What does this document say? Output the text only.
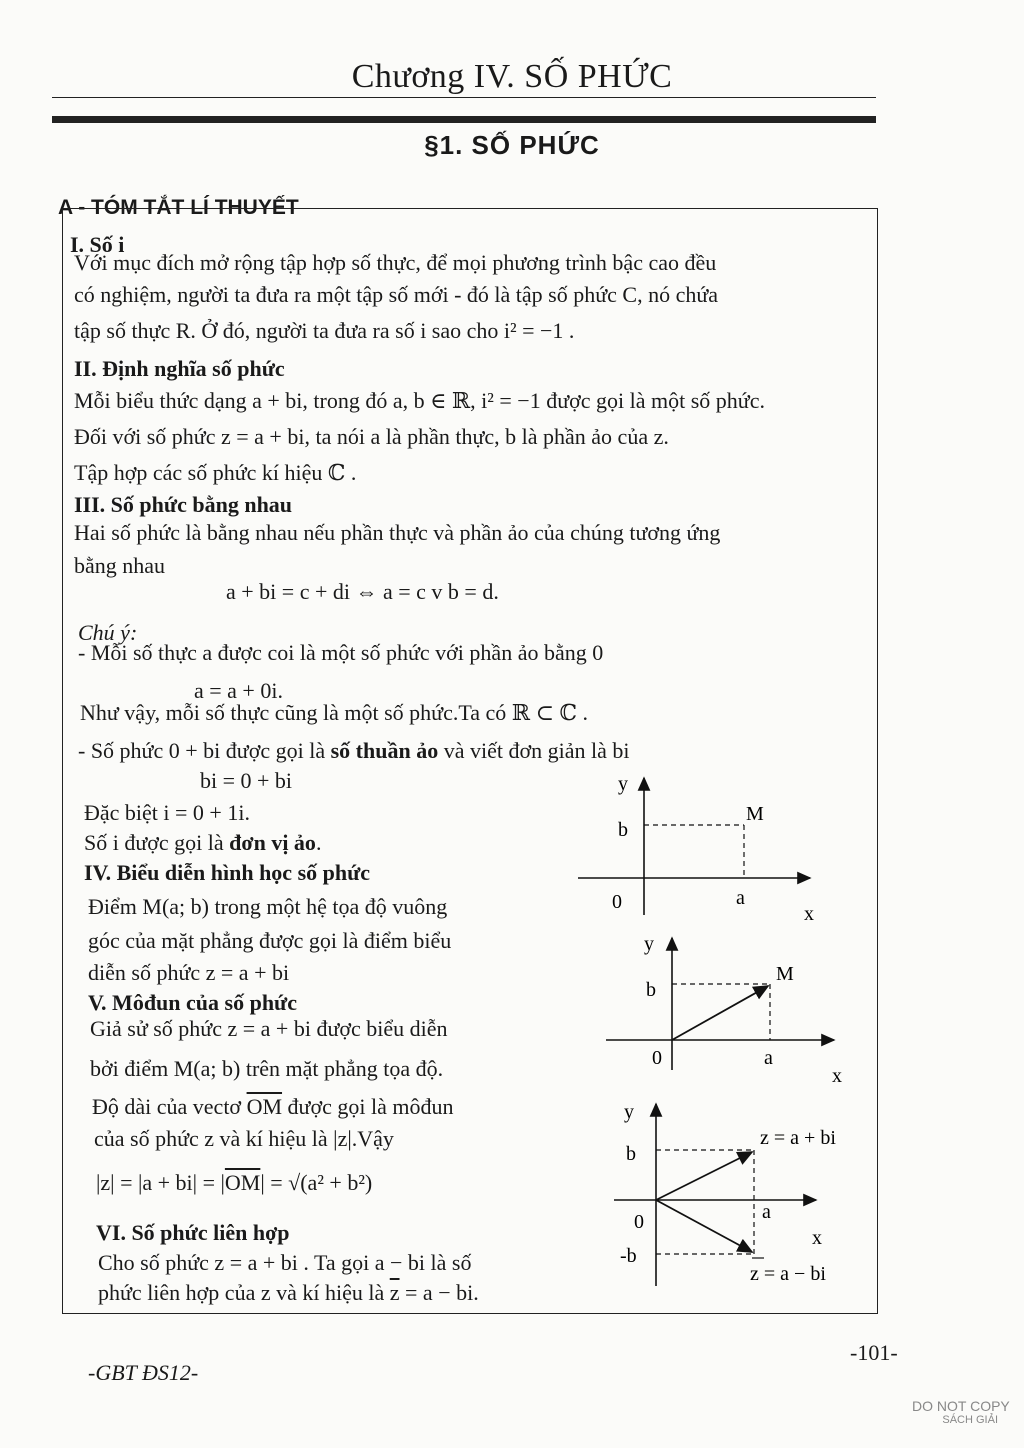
Chương IV. SỐ PHỨC
§1. SỐ PHỨC
A - TÓM TẮT LÍ THUYẾT
I. Số i
Với mục đích mở rộng tập hợp số thực, để mọi phương trình bậc cao đều
có nghiệm, người ta đưa ra một tập số mới - đó là tập số phức C, nó chứa
tập số thực R. Ở đó, người ta đưa ra số i sao cho i² = −1 .
II. Định nghĩa số phức
Mỗi biểu thức dạng a + bi, trong đó a, b ∈ ℝ, i² = −1 được gọi là một số phức.
Đối với số phức z = a + bi, ta nói a là phần thực, b là phần ảo của z.
Tập hợp các số phức kí hiệu ℂ .
III. Số phức bằng nhau
Hai số phức là bằng nhau nếu phần thực và phần ảo của chúng tương ứng
bằng nhau
a + bi = c + di ⇔ a = c v b = d.
Chú ý:
- Mỗi số thực a được coi là một số phức với phần ảo bằng 0
a = a + 0i.
Như vậy, mỗi số thực cũng là một số phức.Ta có ℝ ⊂ ℂ .
- Số phức 0 + bi được gọi là số thuần ảo và viết đơn giản là bi
bi = 0 + bi
Đặc biệt i = 0 + 1i.
Số i được gọi là đơn vị ảo.
IV. Biểu diễn hình học số phức
Điểm M(a; b) trong một hệ tọa độ vuông
góc của mặt phẳng được gọi là điểm biểu
diễn số phức z = a + bi
V. Môđun của số phức
Giả sử số phức z = a + bi được biểu diễn
bởi điểm M(a; b) trên mặt phẳng tọa độ.
Độ dài của vectơ $\overline{OM}$ được gọi là môđun
của số phức z và kí hiệu là |z|.Vậy
$|z| = |a + bi| = |\overline{OM}| = √(a^2 + b^2)$
VI. Số phức liên hợp
Cho số phức z = a + bi . Ta gọi a − bi là số
phức liên hợp của z và kí hiệu là $\overline{z} = a$ − bi.
y
x
0
b
a
M
y
x
0
b
a
M
y
x
0
b
-b
a
z = a + bi
z = a − bi
-101-
-GBT ĐS12-
DO NOT COPY
SÁCH GIẢI
